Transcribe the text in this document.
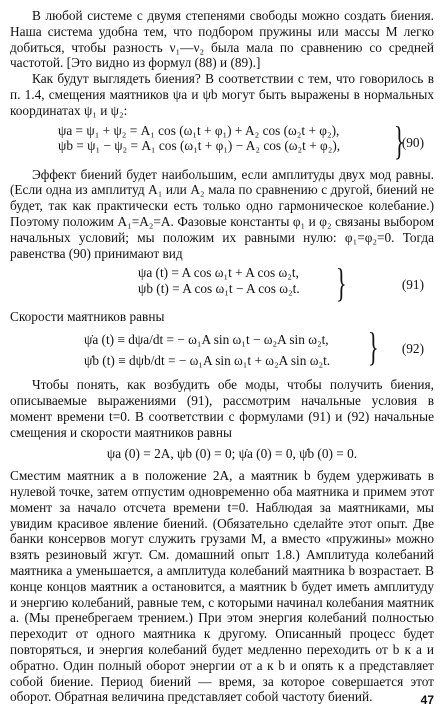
В любой системе с двумя степенями свободы можно создать биения. Наша система удобна тем, что подбором пружины или массы M легко добиться, чтобы разность ν₁—ν₂ была мала по сравнению со средней частотой. [Это видно из формул (88) и (89).]

Как будут выглядеть биения? В соответствии с тем, что говорилось в п. 1.4, смещения маятников ψa и ψb могут быть выражены в нормальных координатах ψ₁ и ψ₂:

ψa = ψ₁ + ψ₂ = A₁ cos (ω₁t + φ₁) + A₂ cos (ω₂t + φ₂),
ψb = ψ₁ − ψ₂ = A₁ cos (ω₁t + φ₁) − A₂ cos (ω₂t + φ₂), }
(90)

Эффект биений будет наибольшим, если амплитуды двух мод равны. (Если одна из амплитуд A₁ или A₂ мала по сравнению с другой, биений не будет, так как практически есть только одно гармоническое колебание.) Поэтому положим A₁=A₂=A. Фазовые константы φ₁ и φ₂ связаны выбором начальных условий; мы положим их равными нулю: φ₁=φ₂=0. Тогда равенства (90) принимают вид

ψa (t) = A cos ω₁t + A cos ω₂t,
ψb (t) = A cos ω₁t − A cos ω₂t. }	(91)

Скорости маятников равны

ψ̇a (t) ≡ dψa/dt = − ω₁A sin ω₁t − ω₂A sin ω₂t,
ψ̇b (t) ≡ dψb/dt = − ω₁A sin ω₁t + ω₂A sin ω₂t. } (92)

Чтобы понять, как возбудить обе моды, чтобы получить биения, описываемые выражениями (91), рассмотрим начальные условия в момент времени t=0. В соответствии с формулами (91) и (92) начальные смещения и скорости маятников равны

ψa (0) = 2A, ψb (0) = 0; ψ̇a (0) = 0, ψ̇b (0) = 0.

Сместим маятник a в положение 2A, а маятник b будем удерживать в нулевой точке, затем отпустим одновременно оба маятника и примем этот момент за начало отсчета времени t=0. Наблюдая за маятниками, мы увидим красивое явление биений. (Обязательно сделайте этот опыт. Две банки консервов могут служить грузами M, а вместо «пружины» можно взять резиновый жгут. См. домашний опыт 1.8.) Амплитуда колебаний маятника a уменьшается, а амплитуда колебаний маятника b возрастает. В конце концов маятник a остановится, а маятник b будет иметь амплитуду и энергию колебаний, равные тем, с которыми начинал колебания маятник a. (Мы пренебрегаем трением.) При этом энергия колебаний полностью переходит от одного маятника к другому. Описанный процесс будет повторяться, и энергия колебаний будет медленно переходить от b к a и обратно. Один полный оборот энергии от a к b и опять к a представляет собой биение. Период биений — время, за которое совершается этот оборот. Обратная величина представляет собой частоту биений.	47
